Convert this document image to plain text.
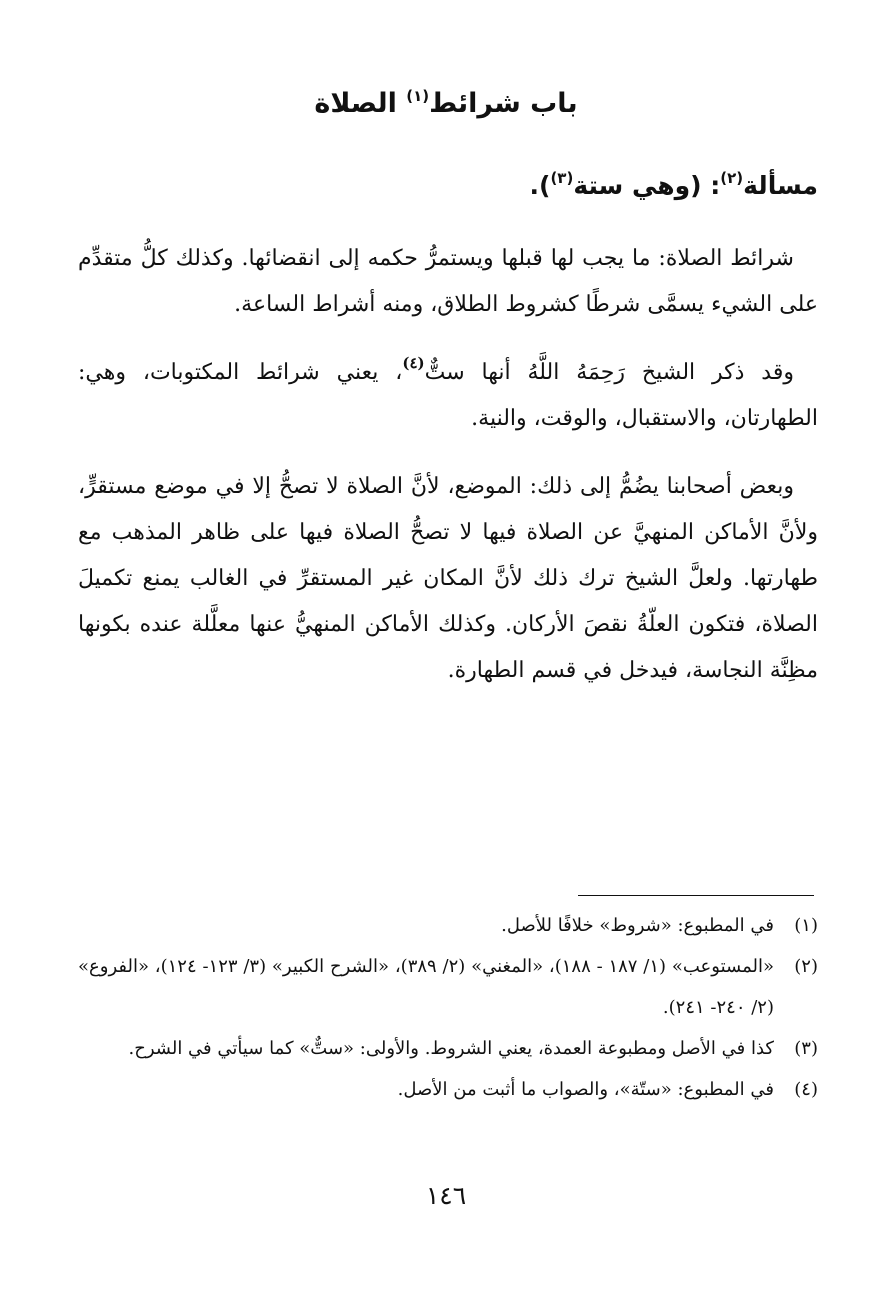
باب شرائط$^{(١)}$ الصلاة
مسألة$^{(٢)}$: (وهي ستة$^{(٣)}$).

شرائط الصلاة: ما يجب لها قبلها ويستمرُّ حكمه إلى انقضائها. وكذلك كلُّ متقدِّم على الشيء يسمَّى شرطًا كشروط الطلاق، ومنه أشراط الساعة.

وقد ذكر الشيخ رَحِمَهُ اللَّهُ أنها ستٌّ$^{(٤)}$، يعني شرائط المكتوبات، وهي: الطهارتان، والاستقبال، والوقت، والنية.

وبعض أصحابنا يضُمُّ إلى ذلك: الموضع، لأنَّ الصلاة لا تصحُّ إلا في موضع مستقرٍّ، ولأنَّ الأماكن المنهيَّ عن الصلاة فيها لا تصحُّ الصلاة فيها على ظاهر المذهب مع طهارتها. ولعلَّ الشيخ ترك ذلك لأنَّ المكان غير المستقرِّ في الغالب يمنع تكميلَ الصلاة، فتكون العلّةُ نقصَ الأركان. وكذلك الأماكن المنهيُّ عنها معلَّلة عنده بكونها مظِنَّة النجاسة، فيدخل في قسم الطهارة.

(١)
في المطبوع: «شروط» خلافًا للأصل.
(٢)
«المستوعب» (١/ ١٨٧ - ١٨٨)، «المغني» (٢/ ٣٨٩)، «الشرح الكبير» (٣/ ١٢٣- ١٢٤)، «الفروع» (٢/ ٢٤٠- ٢٤١).
(٣)
كذا في الأصل ومطبوعة العمدة، يعني الشروط. والأولى: «ستٌّ» كما سيأتي في الشرح.
(٤)
في المطبوع: «ستّة»، والصواب ما أثبت من الأصل.
١٤٦
